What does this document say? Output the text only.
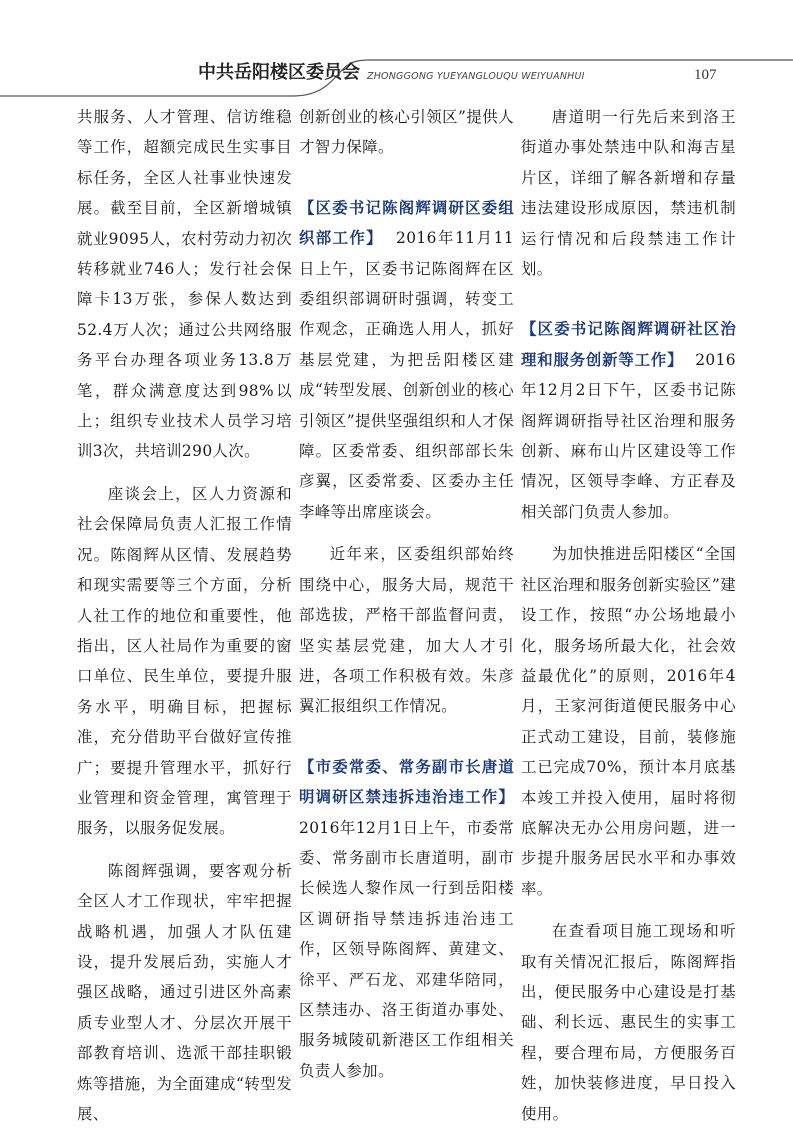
中共岳阳楼区委员会 ZHONGGONG YUEYANGLOUQU WEIYUANHUI	107

共服务、人才管理、信访维稳等工作，超额完成民生实事目标任务，全区人社事业快速发展。截至目前，全区新增城镇就业9095人，农村劳动力初次转移就业746人；发行社会保障卡13万张，参保人数达到52.4万人次；通过公共网络服务平台办理各项业务13.8万笔，群众满意度达到98%以上；组织专业技术人员学习培训3次，共培训290人次。

座谈会上，区人力资源和社会保障局负责人汇报工作情况。陈阁辉从区情、发展趋势和现实需要等三个方面，分析人社工作的地位和重要性，他指出，区人社局作为重要的窗口单位、民生单位，要提升服务水平，明确目标，把握标准，充分借助平台做好宣传推广；要提升管理水平，抓好行业管理和资金管理，寓管理于服务，以服务促发展。

陈阁辉强调，要客观分析全区人才工作现状，牢牢把握战略机遇，加强人才队伍建设，提升发展后劲，实施人才强区战略，通过引进区外高素质专业型人才、分层次开展干部教育培训、选派干部挂职锻炼等措施，为全面建成“转型发展、

创新创业的核心引领区”提供人才智力保障。

【区委书记陈阁辉调研区委组织部工作】 2016年11月11日上午，区委书记陈阁辉在区委组织部调研时强调，转变工作观念，正确选人用人，抓好基层党建，为把岳阳楼区建成“转型发展、创新创业的核心引领区”提供坚强组织和人才保障。区委常委、组织部部长朱彦翼，区委常委、区委办主任李峰等出席座谈会。

近年来，区委组织部始终围绕中心，服务大局，规范干部选拔，严格干部监督问责，坚实基层党建，加大人才引进，各项工作积极有效。朱彦翼汇报组织工作情况。

【市委常委、常务副市长唐道明调研区禁违拆违治违工作】2016年12月1日上午，市委常委、常务副市长唐道明，副市长候选人黎作凤一行到岳阳楼区调研指导禁违拆违治违工作，区领导陈阁辉、黄建文、徐平、严石龙、邓建华陪同，区禁违办、洛王街道办事处、服务城陵矶新港区工作组相关负责人参加。

唐道明一行先后来到洛王街道办事处禁违中队和海吉星片区，详细了解各新增和存量违法建设形成原因，禁违机制运行情况和后段禁违工作计划。

【区委书记陈阁辉调研社区治理和服务创新等工作】 2016年12月2日下午，区委书记陈阁辉调研指导社区治理和服务创新、麻布山片区建设等工作情况，区领导李峰、方正春及相关部门负责人参加。

为加快推进岳阳楼区“全国社区治理和服务创新实验区”建设工作，按照“办公场地最小化，服务场所最大化，社会效益最优化”的原则，2016年4月，王家河街道便民服务中心正式动工建设，目前，装修施工已完成70%，预计本月底基本竣工并投入使用，届时将彻底解决无办公用房问题，进一步提升服务居民水平和办事效率。

在查看项目施工现场和听取有关情况汇报后，陈阁辉指出，便民服务中心建设是打基础、利长远、惠民生的实事工程，要合理布局，方便服务百姓，加快装修进度，早日投入使用。
